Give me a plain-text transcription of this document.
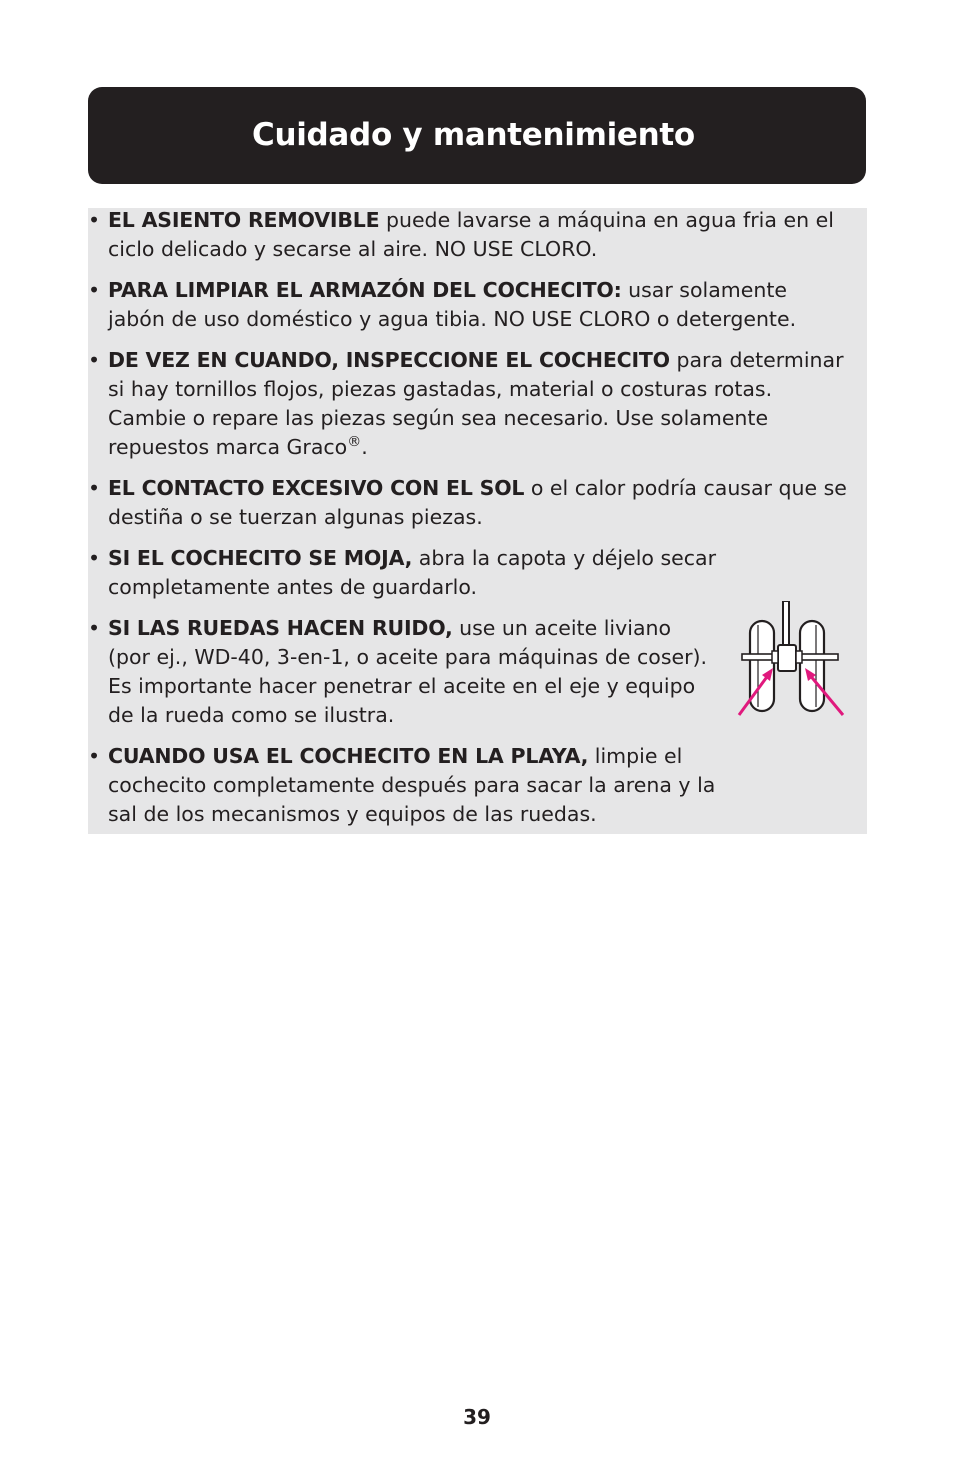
Cuidado y mantenimiento
• EL ASIENTO REMOVIBLE puede lavarse a máquina en agua fria en el ciclo delicado y secarse al aire. NO USE CLORO.
• PARA LIMPIAR EL ARMAZÓN DEL COCHECITO: usar solamente jabón de uso doméstico y agua tibia. NO USE CLORO o detergente.
• DE VEZ EN CUANDO, INSPECCIONE EL COCHECITO para determinar si hay tornillos flojos, piezas gastadas, material o costuras rotas. Cambie o repare las piezas según sea necesario. Use solamente repuestos marca Graco®.
• EL CONTACTO EXCESIVO CON EL SOL o el calor podría causar que se destiña o se tuerzan algunas piezas.
• SI EL COCHECITO SE MOJA, abra la capota y déjelo secar completamente antes de guardarlo.
• SI LAS RUEDAS HACEN RUIDO, use un aceite liviano (por ej., WD-40, 3-en-1, o aceite para máquinas de coser). Es importante hacer penetrar el aceite en el eje y equipo de la rueda como se ilustra.
• CUANDO USA EL COCHECITO EN LA PLAYA, limpie el cochecito completamente después para sacar la arena y la sal de los mecanismos y equipos de las ruedas.
39
